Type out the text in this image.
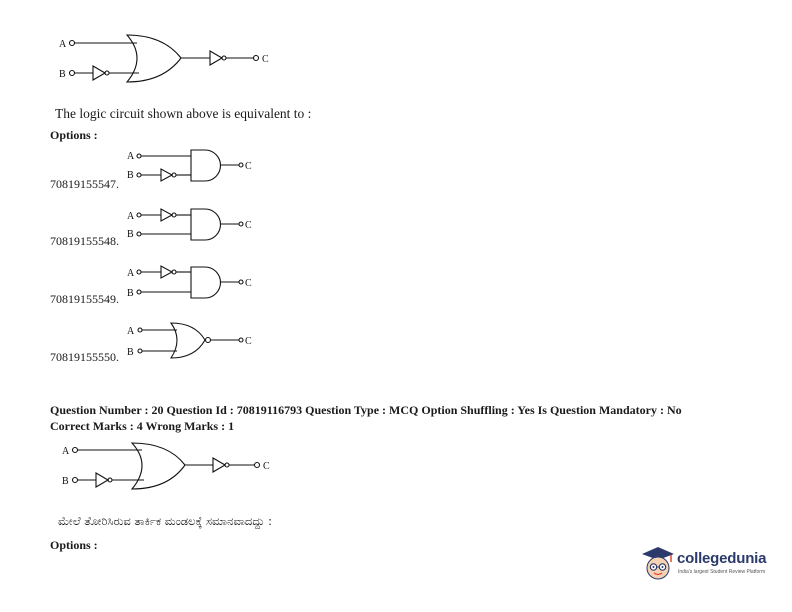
A
B
C
The logic circuit shown above is equivalent to :
Options :
70819155547.
A
B
C
70819155548.
A
B
C
70819155549.
A
B
C
70819155550.
A
B
C
Question Number : 20 Question Id : 70819116793 Question Type : MCQ Option Shuffling : Yes Is Question Mandatory : No
Correct Marks : 4 Wrong Marks : 1
A
B
C
ಮೇಲೆ ತೋರಿಸಿರುವ ತಾರ್ಕಿಕ ಮಂಡಲಕ್ಕೆ ಸಮಾನವಾದದ್ದು :
Options :
collegedunia
India's largest Student Review Platform
